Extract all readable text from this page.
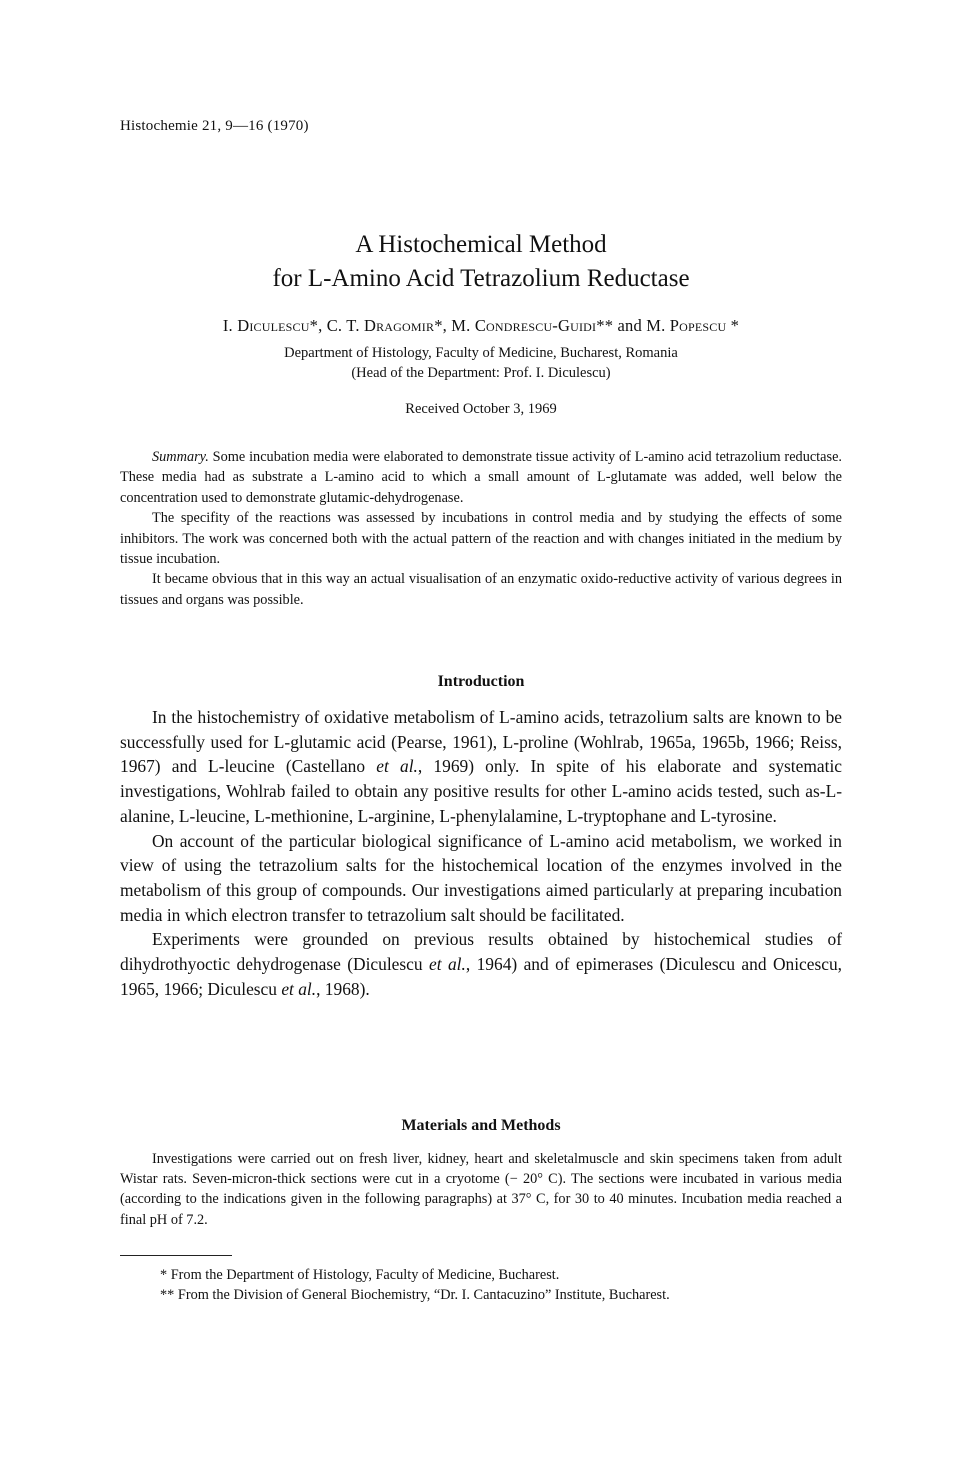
Histochemie 21, 9—16 (1970)
A Histochemical Method
for L-Amino Acid Tetrazolium Reductase
I. Diculescu*, C. T. Dragomir*, M. Condrescu-Guidi** and M. Popescu *
Department of Histology, Faculty of Medicine, Bucharest, Romania
(Head of the Department: Prof. I. Diculescu)
Received October 3, 1969

Summary. Some incubation media were elaborated to demonstrate tissue activity of L-amino acid tetrazolium reductase. These media had as substrate a L-amino acid to which a small amount of L-glutamate was added, well below the concentration used to demonstrate glutamic-dehydrogenase.

The specifity of the reactions was assessed by incubations in control media and by studying the effects of some inhibitors. The work was concerned both with the actual pattern of the reaction and with changes initiated in the medium by tissue incubation.

It became obvious that in this way an actual visualisation of an enzymatic oxido-reductive activity of various degrees in tissues and organs was possible.

Introduction

In the histochemistry of oxidative metabolism of L-amino acids, tetrazolium salts are known to be successfully used for L-glutamic acid (Pearse, 1961), L-proline (Wohlrab, 1965a, 1965b, 1966; Reiss, 1967) and L-leucine (Castellano et al., 1969) only. In spite of his elaborate and systematic investigations, Wohlrab failed to obtain any positive results for other L-amino acids tested, such as-L-alanine, L-leucine, L-methionine, L-arginine, L-phenylalamine, L-tryptophane and L-tyrosine.

On account of the particular biological significance of L-amino acid metabolism, we worked in view of using the tetrazolium salts for the histochemical location of the enzymes involved in the metabolism of this group of compounds. Our investigations aimed particularly at preparing incubation media in which electron transfer to tetrazolium salt should be facilitated.

Experiments were grounded on previous results obtained by histochemical studies of dihydrothyoctic dehydrogenase (Diculescu et al., 1964) and of epimerases (Diculescu and Onicescu, 1965, 1966; Diculescu et al., 1968).

Materials and Methods

Investigations were carried out on fresh liver, kidney, heart and skeletalmuscle and skin specimens taken from adult Wistar rats. Seven-micron-thick sections were cut in a cryotome (− 20° C). The sections were incubated in various media (according to the indications given in the following paragraphs) at 37° C, for 30 to 40 minutes. Incubation media reached a final pH of 7.2.

* From the Department of Histology, Faculty of Medicine, Bucharest.

** From the Division of General Biochemistry, “Dr. I. Cantacuzino” Institute, Bucharest.
